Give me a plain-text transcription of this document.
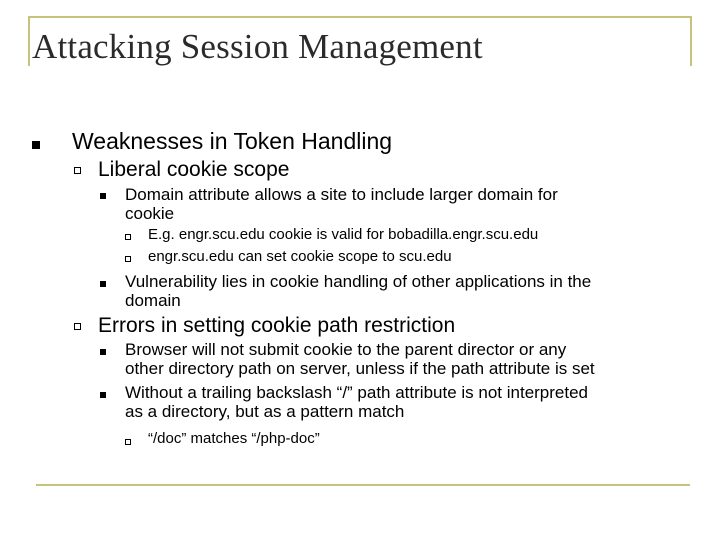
Attacking Session Management
Weaknesses in Token Handling
Liberal cookie scope
Domain attribute allows a site to include larger domain for
cookie
E.g. engr.scu.edu cookie is valid for bobadilla.engr.scu.edu
engr.scu.edu can set cookie scope to scu.edu
Vulnerability lies in cookie handling of other applications in the
domain
Errors in setting cookie path restriction
Browser will not submit cookie to the parent director or any
other directory path on server, unless if the path attribute is set
Without a trailing backslash “/” path attribute is not interpreted
as a directory, but as a pattern match
“/doc” matches “/php-doc”
